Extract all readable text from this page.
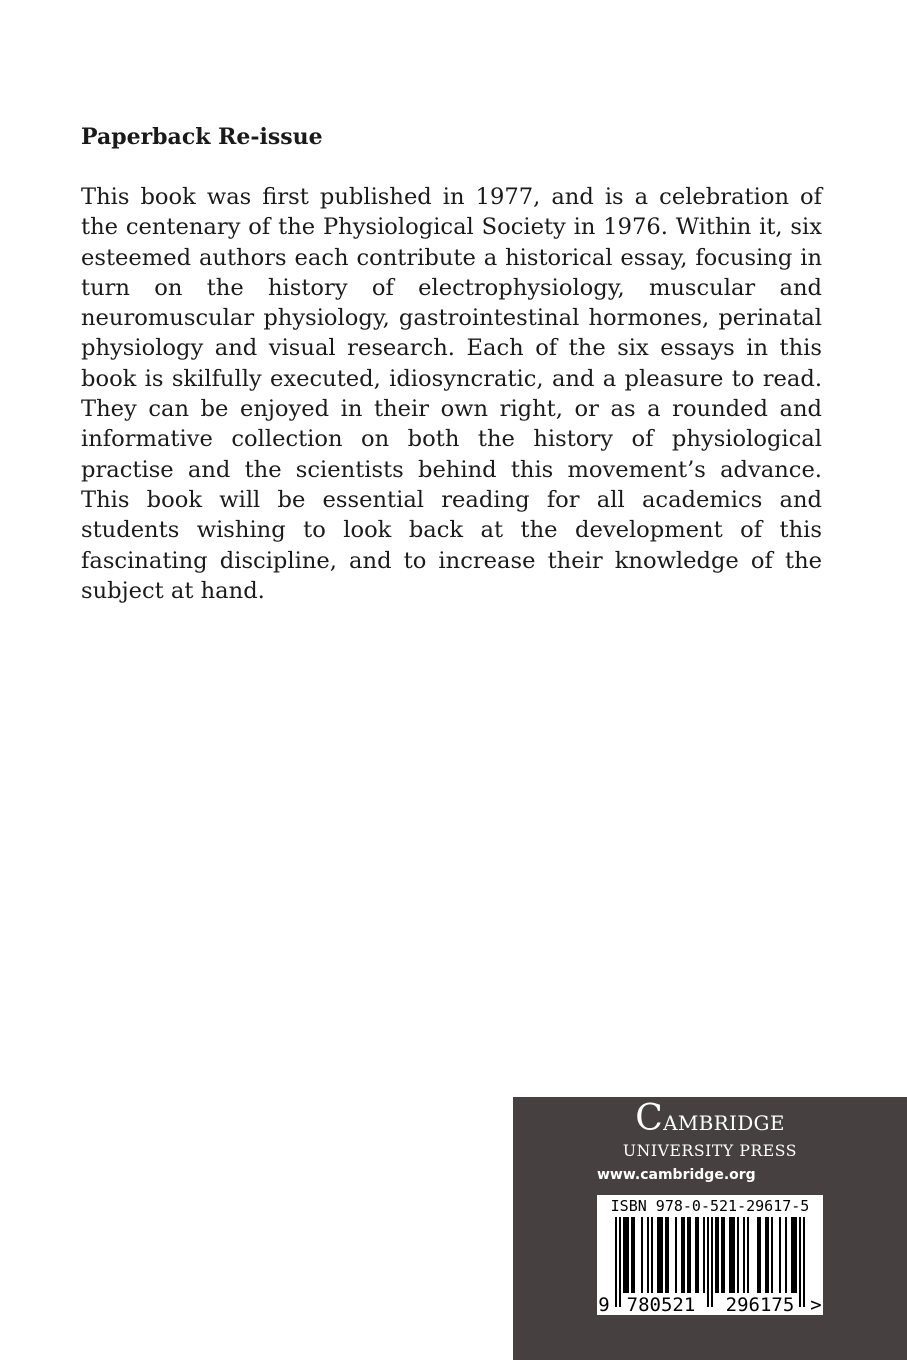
Paperback Re-issue

This book was first published in 1977, and is a celebration of the centenary of the Physiological Society in 1976. Within it, six esteemed authors each contribute a historical essay, focusing in turn on the history of electrophysiology, muscular and neuromuscular physiology, gastrointestinal hormones, perinatal physiology and visual research. Each of the six essays in this book is skilfully executed, idiosyncratic, and a pleasure to read. They can be enjoyed in their own right, or as a rounded and informative collection on both the history of physiological practise and the scientists behind this movement’s advance. This book will be essential reading for all academics and students wishing to look back at the development of this fascinating discipline, and to increase their knowledge of the subject at hand.

Cambridge
UNIVERSITY PRESS
www.cambridge.org
ISBN 978-0-521-29617-5
9 780521 296175 >
